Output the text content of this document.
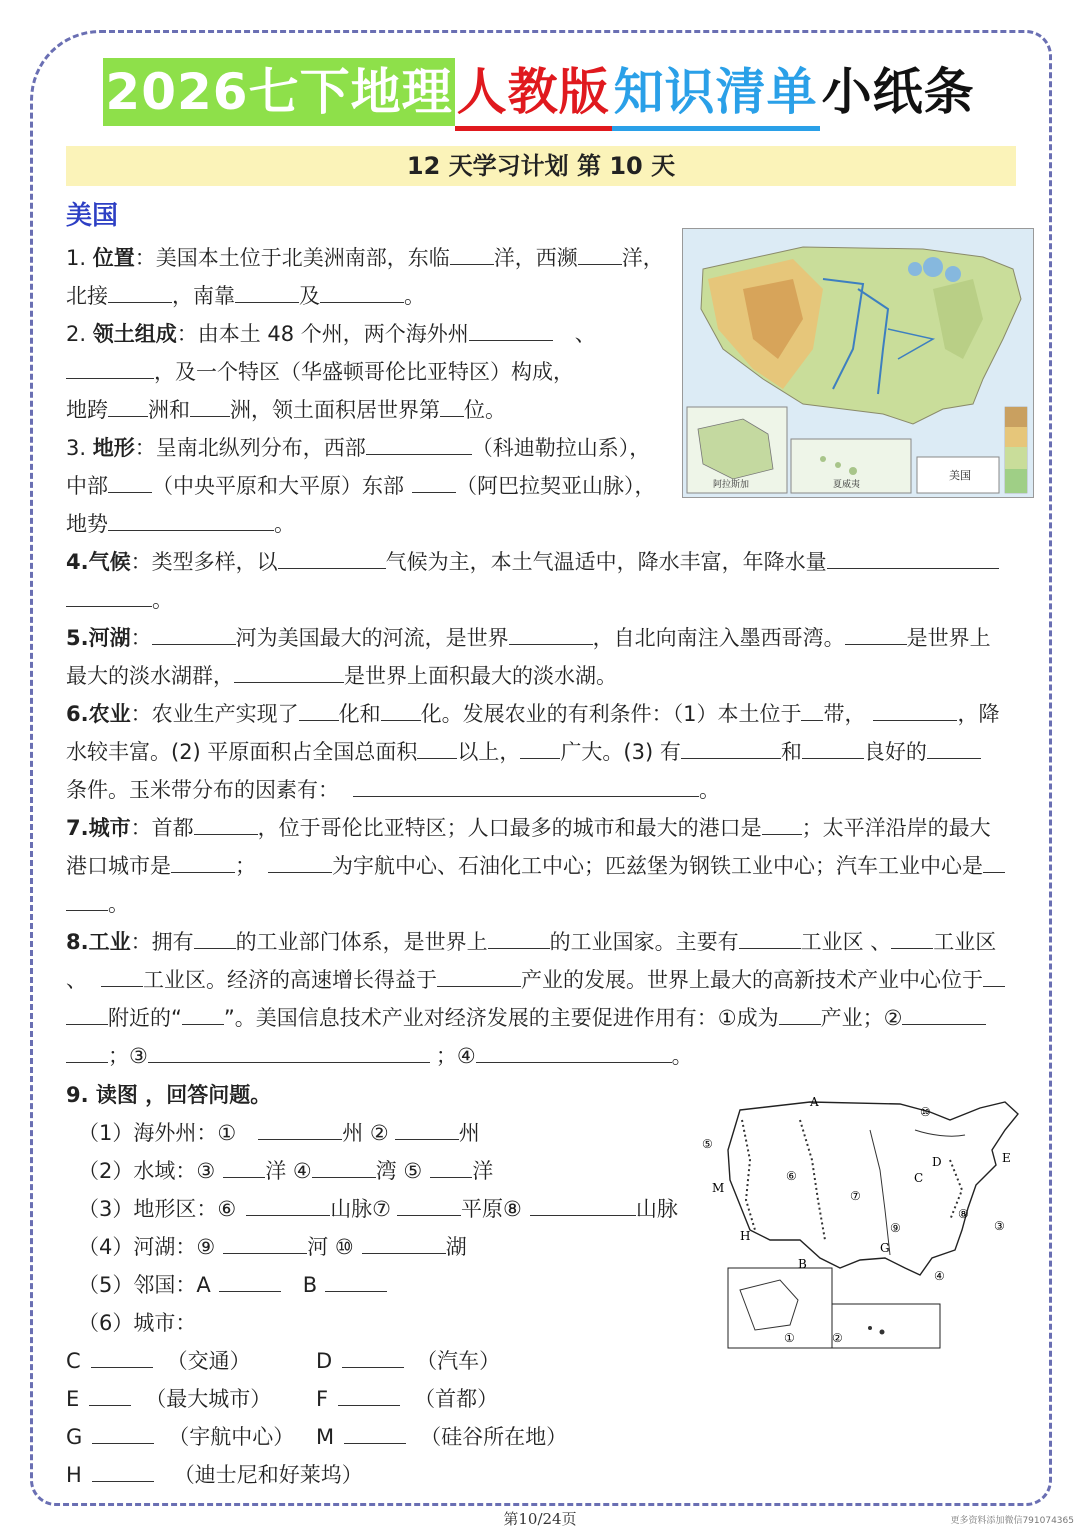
2026七下地理人教版知识清单小纸条
12 天学习计划 第 10 天
美国
阿拉斯加	夏威夷
美国
1. 位置：美国本土位于北美洲南部，东临 洋，西濒 洋，
北接	，南靠	及	。
2. 领土组成：由本土 48 个州，两个海外州	、
，及一个特区（华盛顿哥伦比亚特区）构成，
地跨 洲和 洲，领土面积居世界第 位。
3. 地形：呈南北纵列分布，西部	（科迪勒拉山系），
中部 （中央平原和大平原）东部 （阿巴拉契亚山脉），
地势	。
4.气候：类型多样，以	气候为主，本土气温适中，降水丰富，年降水量
。
5.河湖：	河为美国最大的河流，是世界	，自北向南注入墨西哥湾。	是世界上
最大的淡水湖群，	是世界上面积最大的淡水湖。
6.农业：农业生产实现了 化和 化。发展农业的有利条件：（1）本土位于 带，	，降
水较丰富。(2) 平原面积占全国总面积 以上， 广大。(3) 有	和	良好的
条件。玉米带分布的因素有：	。
7.城市：首都	，位于哥伦比亚特区；人口最多的城市和最大的港口是 ；太平洋沿岸的最大
港口城市是	；	为宇航中心、石油化工中心；匹兹堡为钢铁工业中心；汽车工业中心是
。
8.工业：拥有 的工业部门体系，是世界上	的工业国家。主要有	工业区 、 工业区
、	工业区。经济的高速增长得益于	产业的发展。世界上最大的高新技术产业中心位于
附近的“ ”。美国信息技术产业对经济发展的主要促进作用有：①成为 产业；②
；③	；④	。
9. 读图 ，回答问题。
（1）海外州：①	州 ②	州
（2）水域：③ 洋 ④	湾 ⑤ 洋
（3）地形区：⑥	山脉⑦	平原⑧	山脉
（4）河湖：⑨	河 ⑩	湖
（5）邻国：A	B
（6）城市：
C	（交通）	D	（汽车）
E	（最大城市） F	（首都）
G	（宇航中心） M	（硅谷所在地）
H	（迪士尼和好莱坞）
A
B
C
D	E
G
H
M
①	②
③
④
⑤
⑥
⑦
⑧
⑨
⑩
第10/24页	更多资料添加微信791074365
